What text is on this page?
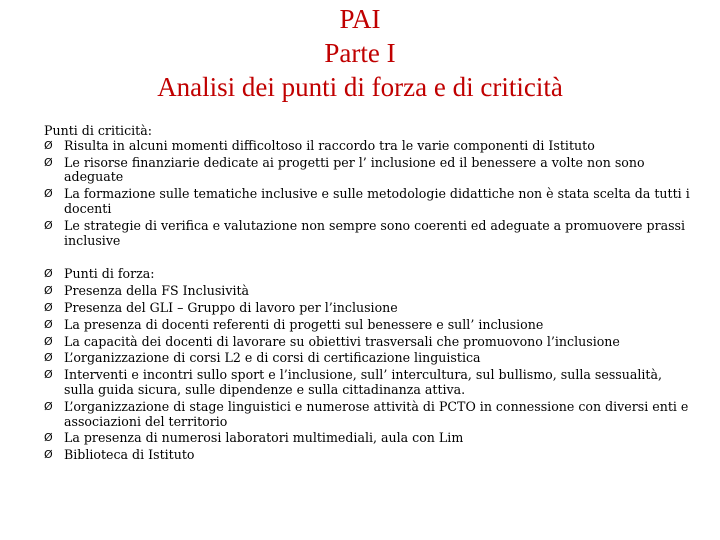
PAI
Parte I
Analisi dei punti di forza e di criticità

Punti di criticità:

Ø Risulta in alcuni momenti difficoltoso il raccordo tra le varie componenti di Istituto
Ø Le risorse finanziarie dedicate ai progetti per l’ inclusione ed il benessere a volte non sono adeguate
Ø La formazione sulle tematiche inclusive e sulle metodologie didattiche non è stata scelta da tutti i docenti
Ø Le strategie di verifica e valutazione non sempre sono coerenti ed adeguate a promuovere prassi inclusive
Ø Punti di forza:
Ø Presenza della FS Inclusività
Ø Presenza del GLI – Gruppo di lavoro per l’inclusione
Ø La presenza di docenti referenti di progetti sul benessere e sull’ inclusione
Ø La capacità dei docenti di lavorare su obiettivi trasversali che promuovono l’inclusione
Ø L’organizzazione di corsi L2 e di corsi di certificazione linguistica
Ø Interventi e incontri sullo sport e l’inclusione, sull’ intercultura, sul bullismo, sulla sessualità, sulla guida sicura, sulle dipendenze e sulla cittadinanza attiva.
Ø L’organizzazione di stage linguistici e numerose attività di PCTO in connessione con diversi enti e associazioni del territorio
Ø La presenza di numerosi laboratori multimediali, aula con Lim
Ø Biblioteca di Istituto
